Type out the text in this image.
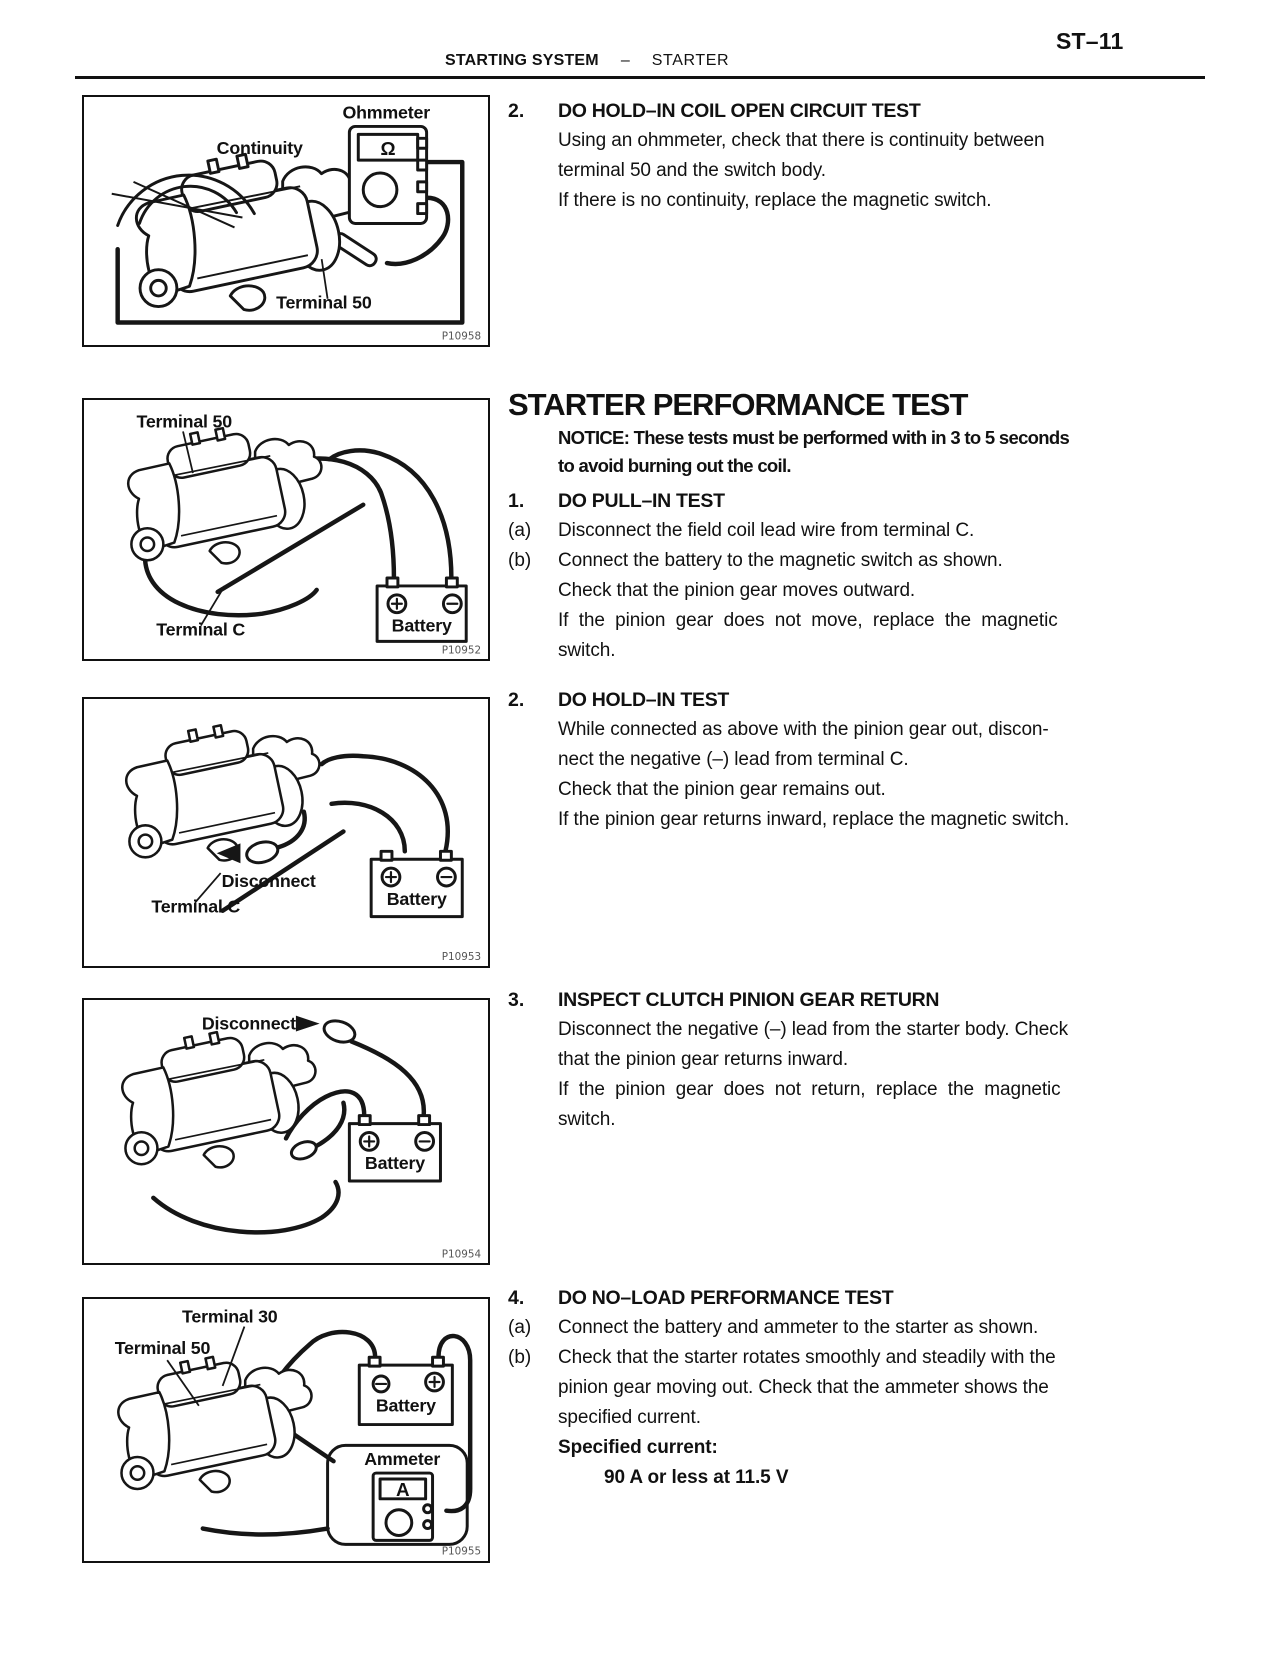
ST–11
STARTING SYSTEM – STARTER
Ω
Ohmmeter
Continuity
Terminal 50
P10958
Battery
Terminal 50
Terminal C
P10952
Battery
Disconnect
Terminal C
P10953
Battery
Disconnect
P10954
Battery
A
Terminal 30
Terminal 50
Ammeter
P10955
2.	DO HOLD–IN COIL OPEN CIRCUIT TEST
Using an ohmmeter, check that there is continuity between
terminal 50 and the switch body.
If there is no continuity, replace the magnetic switch.
STARTER PERFORMANCE TEST
NOTICE: These tests must be performed with in 3 to 5 seconds
to avoid burning out the coil.
1.	DO PULL–IN TEST
(a)	Disconnect the field coil lead wire from terminal C.
(b)	Connect the battery to the magnetic switch as shown.
Check that the pinion gear moves outward.
If  the  pinion  gear  does  not  move,  replace  the  magnetic
switch.
2.	DO HOLD–IN TEST
While connected as above with the pinion gear out, discon-
nect the negative (–) lead from terminal C.
Check that the pinion gear remains out.
If the pinion gear returns inward, replace the magnetic switch.
3.	INSPECT CLUTCH PINION GEAR RETURN
Disconnect the negative (–) lead from the starter body. Check
that the pinion gear returns inward.
If  the  pinion  gear  does  not  return,  replace  the  magnetic
switch.
4.	DO NO–LOAD PERFORMANCE TEST
(a)	Connect the battery and ammeter to the starter as shown.
(b)	Check that the starter rotates smoothly and steadily with the
pinion gear moving out. Check that the ammeter shows the
specified current.
Specified current:
90 A or less at 11.5 V
